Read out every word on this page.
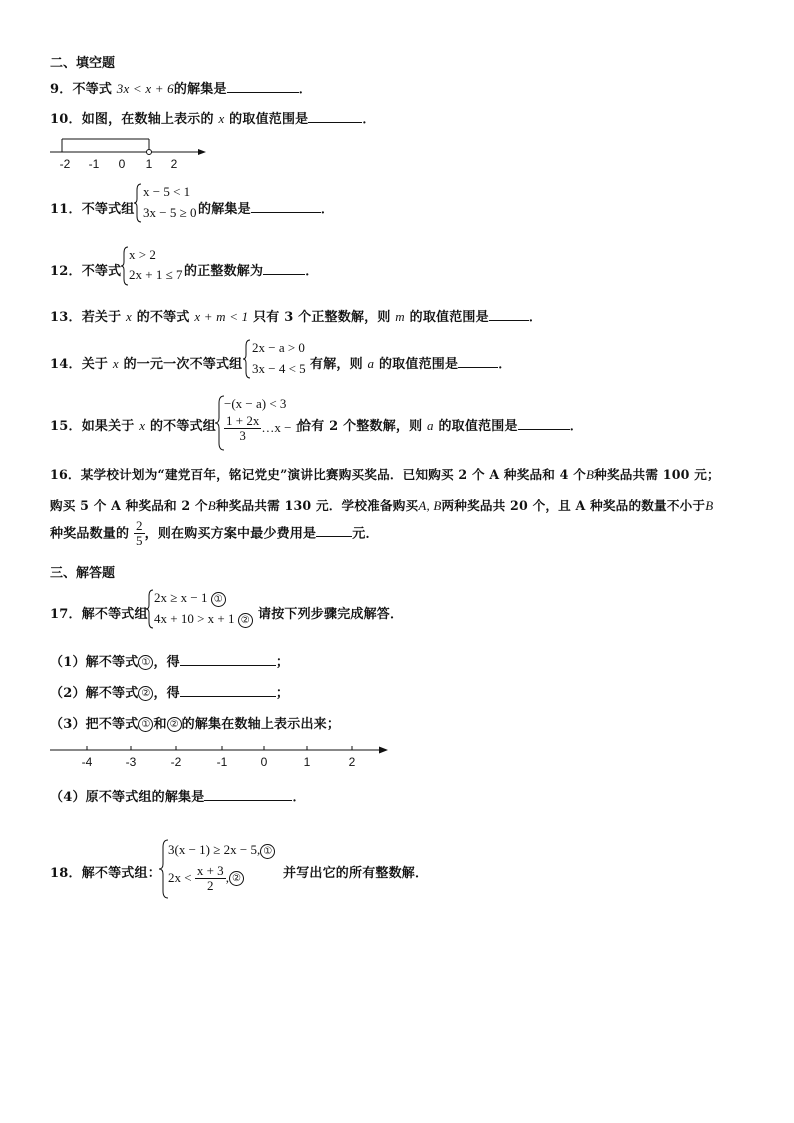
二、填空题
9．不等式 3x < x + 6的解集是	．
10．如图，在数轴上表示的 x 的取值范围是	．
-2 -1 0 1 2
11．不等式组
x − 5 < 1
3x − 5 ≥ 0 的解集是	．
12．不等式
x > 2
2x + 1 ≤ 7 的正整数解为	．
13．若关于 x 的不等式 x + m < 1 只有 3 个正整数解，则 m 的取值范围是	．
14．关于 x 的一元一次不等式组
2x − a > 0
3x − 4 < 5 有解，则 a 的取值范围是	．
15．如果关于 x 的不等式组
−(x − a) < 3
$\frac{1 + 2x}{3}$ …x − 1
恰有 2 个整数解，则 a 的取值范围是	．
16．某学校计划为“建党百年，铭记党史”演讲比赛购买奖品．已知购买 2 个 A 种奖品和 4 个B种奖品共需 100 元；
购买 5 个 A 种奖品和 2 个B种奖品共需 130 元．学校准备购买A, B两种奖品共 20 个，且 A 种奖品的数量不小于B
种奖品数量的 $\frac{2}{5}$ ，则在购买方案中最少费用是	元．
三、解答题
17．解不等式组
2x ≥ x − 1 ①
4x + 10 > x + 1 ② 请按下列步骤完成解答．
（1）解不等式 ① ，得	；
（2）解不等式 ② ，得	；
（3）把不等式 ① 和 ② 的解集在数轴上表示出来；
-4	-3	-2	-1	0	1	2
（4）原不等式组的解集是	．
18．解不等式组：
3(x − 1) ≥ 2x − 5, ①
$2x < \frac{x + 3}{2}$ , ②	并写出它的所有整数解．
